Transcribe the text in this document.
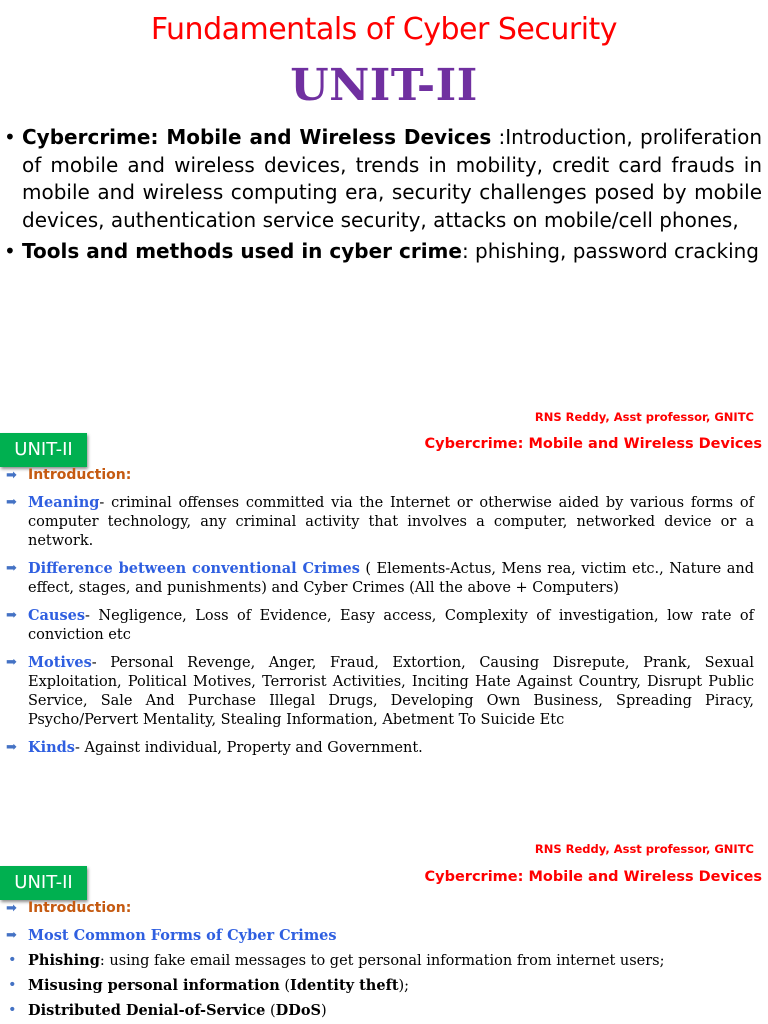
Fundamentals of Cyber Security
UNIT-II
• Cybercrime: Mobile and Wireless Devices :Introduction, proliferation of mobile and wireless devices, trends in mobility, credit card frauds in mobile and wireless computing era, security challenges posed by mobile devices, authentication service security, attacks on mobile/cell phones,
• Tools and methods used in cyber crime: phishing, password cracking
RNS Reddy, Asst professor, GNITC
UNIT-II	Cybercrime: Mobile and Wireless Devices
➡ Introduction:
➡ Meaning- criminal offenses committed via the Internet or otherwise aided by various forms of computer technology, any criminal activity that involves a computer, networked device or a network.
➡ Difference between conventional Crimes ( Elements-Actus, Mens rea, victim etc., Nature and effect, stages, and punishments) and Cyber Crimes (All the above + Computers)
➡ Causes- Negligence, Loss of Evidence, Easy access, Complexity of investigation, low rate of conviction etc
➡ Motives- Personal Revenge, Anger, Fraud, Extortion, Causing Disrepute, Prank, Sexual Exploitation, Political Motives, Terrorist Activities, Inciting Hate Against Country, Disrupt Public Service, Sale And Purchase Illegal Drugs, Developing Own Business, Spreading Piracy, Psycho/Pervert Mentality, Stealing Information, Abetment To Suicide Etc
➡ Kinds- Against individual, Property and Government.
RNS Reddy, Asst professor, GNITC
UNIT-II	Cybercrime: Mobile and Wireless Devices
➡ Introduction:
➡ Most Common Forms of Cyber Crimes
• Phishing: using fake email messages to get personal information from internet users;
• Misusing personal information (Identity theft);
• Distributed Denial-of-Service (DDoS)
